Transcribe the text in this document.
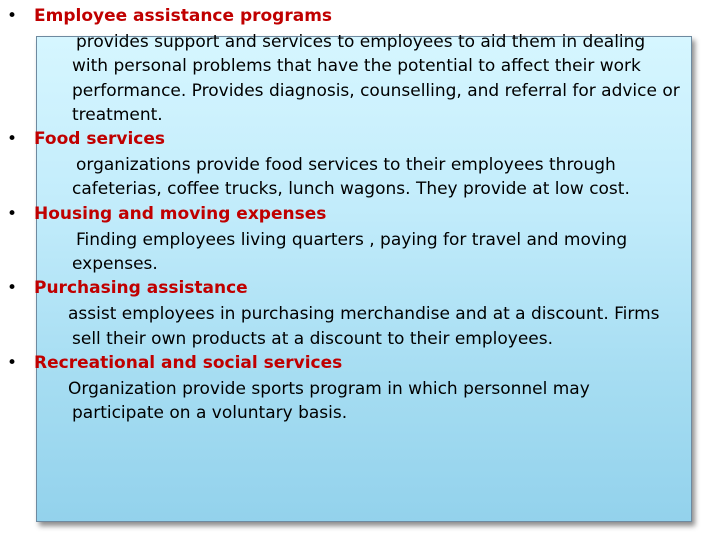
• Employee assistance programs
provides support and services to employees to aid them in dealing with personal problems that have the potential to affect their work performance. Provides diagnosis, counselling, and referral for advice or treatment.
• Food services
organizations provide food services to their employees through cafeterias, coffee trucks, lunch wagons. They provide at low cost.
• Housing and moving expenses
Finding employees living quarters , paying for travel and moving expenses.
• Purchasing assistance
assist employees in purchasing merchandise and at a discount. Firms sell their own products at a discount to their employees.
• Recreational and social services
Organization provide sports program in which personnel may participate on a voluntary basis.
